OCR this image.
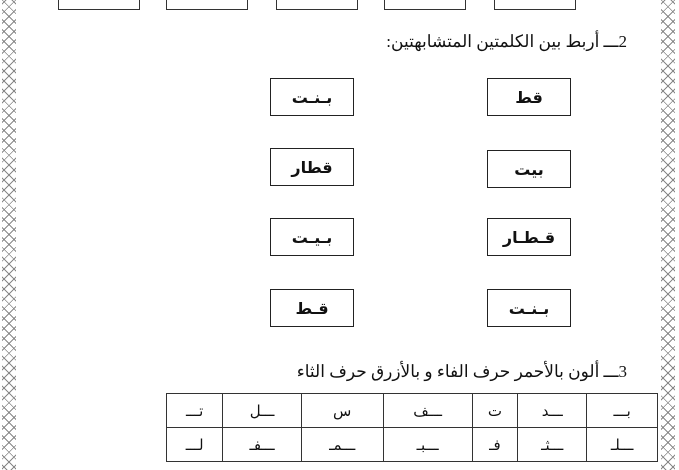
2ـــ أربط بين الكلمتين المتشابهتين:
قط
بيت
قـطـار
بـنـت
بـنـت
قطار
بـيـت
قـط
3ـــ ألون بالأحمر حرف الفاء و بالأزرق حرف الثاء
بـــ	ـــد	ت	ـــف	س	ـــل	تـــ
ـــلـ	ـــثـ	فـ	ـــبـ	ـــمـ	ـــفـ	لـــ
